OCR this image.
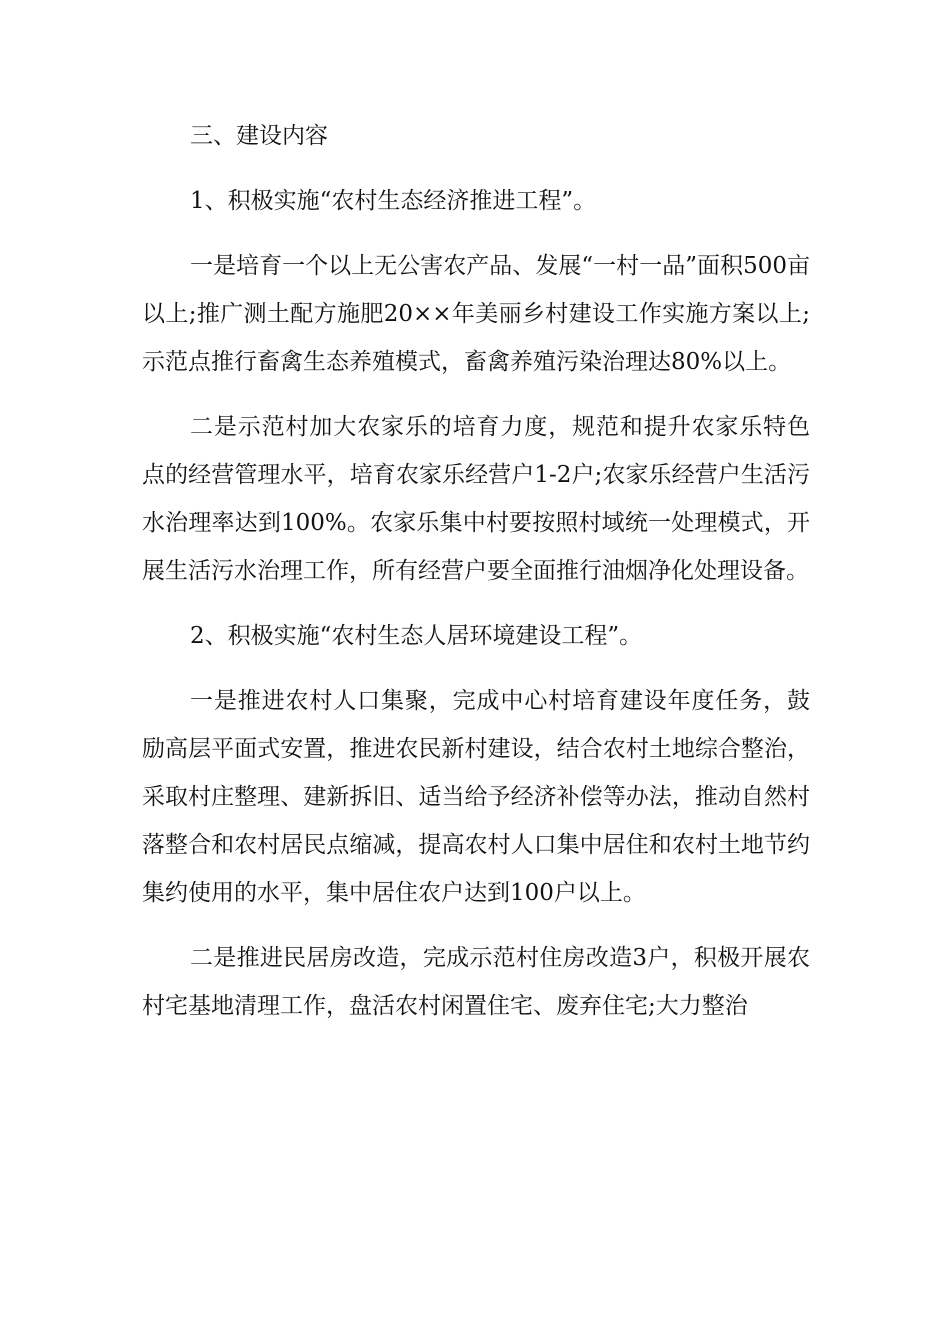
三、建设内容

1、积极实施“农村生态经济推进工程”。

一是培育一个以上无公害农产品、发展“一村一品”面积500亩以上;推广测土配方施肥20××年美丽乡村建设工作实施方案以上;示范点推行畜禽生态养殖模式，畜禽养殖污染治理达80%以上。

二是示范村加大农家乐的培育力度，规范和提升农家乐特色点的经营管理水平，培育农家乐经营户1-2户;农家乐经营户生活污水治理率达到100%。农家乐集中村要按照村域统一处理模式，开展生活污水治理工作，所有经营户要全面推行油烟净化处理设备。

2、积极实施“农村生态人居环境建设工程”。

一是推进农村人口集聚，完成中心村培育建设年度任务，鼓励高层平面式安置，推进农民新村建设，结合农村土地综合整治，采取村庄整理、建新拆旧、适当给予经济补偿等办法，推动自然村落整合和农村居民点缩减，提高农村人口集中居住和农村土地节约集约使用的水平，集中居住农户达到100户以上。

二是推进民居房改造，完成示范村住房改造3户，积极开展农村宅基地清理工作，盘活农村闲置住宅、废弃住宅;大力整治
